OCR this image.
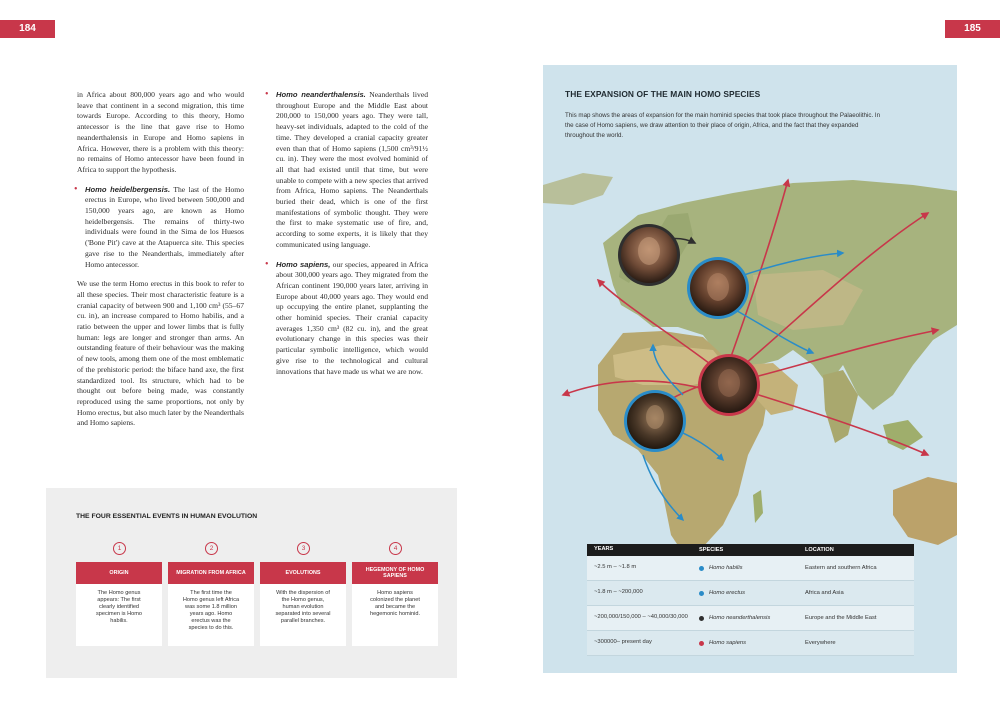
184	185

in Africa about 800,000 years ago and who would leave that continent in a second migration, this time towards Europe. According to this theory, Homo antecessor is the line that gave rise to Homo neanderthalensis in Europe and Homo sapiens in Africa. However, there is a problem with this theory: no remains of Homo antecessor have been found in Africa to support the hypothesis.

• Homo heidelbergensis. The last of the Homo erectus in Europe, who lived between 500,000 and 150,000 years ago, are known as Homo heidelbergensis. The remains of thirty-two individuals were found in the Sima de los Huesos ('Bone Pit') cave at the Atapuerca site. This species gave rise to the Neanderthals, immediately after Homo antecessor.

We use the term Homo erectus in this book to refer to all these species. Their most characteristic feature is a cranial capacity of between 900 and 1,100 cm³ (55–67 cu. in), an increase compared to Homo habilis, and a ratio between the upper and lower limbs that is fully human: legs are longer and stronger than arms. An outstanding feature of their behaviour was the making of new tools, among them one of the most emblematic of the prehistoric period: the biface hand axe, the first standardized tool. Its structure, which had to be thought out before being made, was constantly reproduced using the same proportions, not only by Homo erectus, but also much later by the Neanderthals and Homo sapiens.

• Homo neanderthalensis. Neanderthals lived throughout Europe and the Middle East about 200,000 to 150,000 years ago. They were tall, heavy-set individuals, adapted to the cold of the time. They developed a cranial capacity greater even than that of Homo sapiens (1,500 cm³/91½ cu. in). They were the most evolved hominid of all that had existed until that time, but were unable to compete with a new species that arrived from Africa, Homo sapiens. The Neanderthals buried their dead, which is one of the first manifestations of symbolic thought. They were the first to make systematic use of fire, and, according to some experts, it is likely that they communicated using language.

• Homo sapiens, our species, appeared in Africa about 300,000 years ago. They migrated from the African continent 190,000 years later, arriving in Europe about 40,000 years ago. They would end up occupying the entire planet, supplanting the other hominid species. Their cranial capacity averages 1,350 cm³ (82 cu. in), and the great evolutionary change in this species was their particular symbolic intelligence, which would give rise to the technological and cultural innovations that have made us what we are now.

THE FOUR ESSENTIAL EVENTS IN HUMAN EVOLUTION
1
ORIGIN
The Homo genus appears: The first clearly identified specimen is Homo habilis.
2
MIGRATION FROM AFRICA
The first time the Homo genus left Africa was some 1.8 million years ago. Homo erectus was the species to do this.
3
EVOLUTIONS
With the dispersion of the Homo genus, human evolution separated into several parallel branches.
4
HEGEMONY OF HOMO SAPIENS
Homo sapiens colonized the planet and became the hegemonic hominid.
THE EXPANSION OF THE MAIN HOMO SPECIES
This map shows the areas of expansion for the main hominid species that took place throughout the Palaeolithic. In the case of Homo sapiens, we draw attention to their place of origin, Africa, and the fact that they expanded throughout the world.
YEARS	SPECIES	LOCATION
~2.5 m – ~1.8 m	Homo habilis	Eastern and southern Africa
~1.8 m – ~200,000	Homo erectus	Africa and Asia
~200,000/150,000 – ~40,000/30,000	Homo neanderthalensis	Europe and the Middle East
~300000– present day	Homo sapiens	Everywhere
